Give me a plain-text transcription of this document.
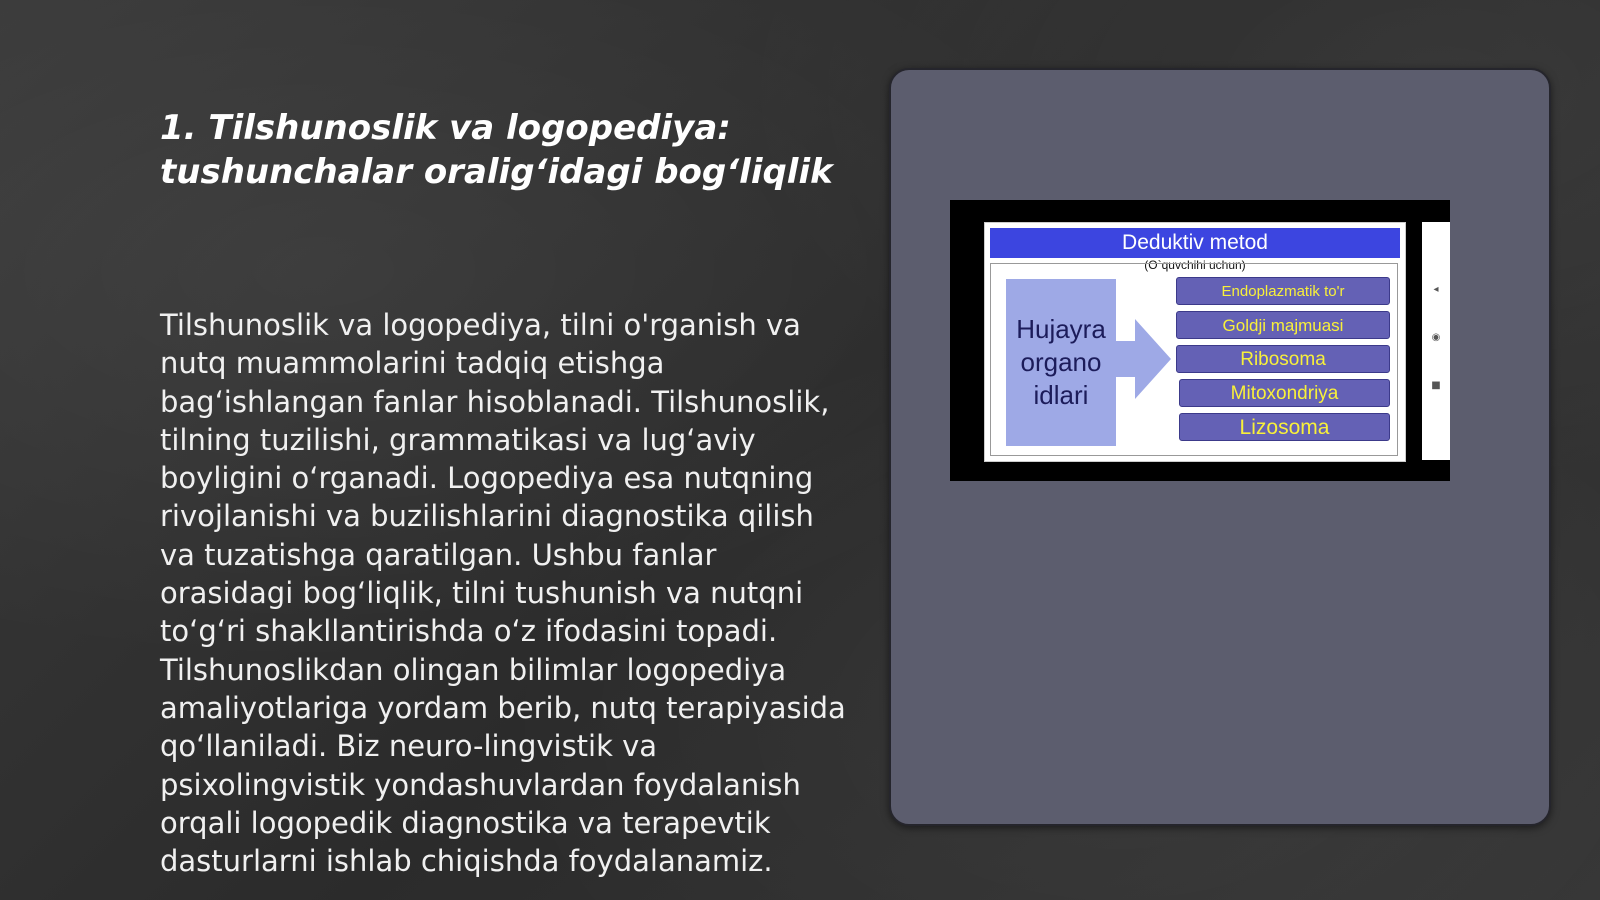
1. Tilshunoslik va logopediya:
tushunchalar oralig‘idagi bog‘liqlik
Tilshunoslik va logopediya, tilni o'rganish va nutq muammolarini tadqiq etishga bag‘ishlangan fanlar hisoblanadi. Tilshunoslik, tilning tuzilishi, grammatikasi va lug‘aviy boyligini o‘rganadi. Logopediya esa nutqning rivojlanishi va buzilishlarini diagnostika qilish va tuzatishga qaratilgan. Ushbu fanlar orasidagi bog‘liqlik, tilni tushunish va nutqni to‘g‘ri shakllantirishda o‘z ifodasini topadi. Tilshunoslikdan olingan bilimlar logopediya amaliyotlariga yordam berib, nutq terapiyasida qo‘llaniladi. Biz neuro-lingvistik va psixolingvistik yondashuvlardan foydalanish orqali logopedik diagnostika va terapevtik dasturlarni ishlab chiqishda foydalanamiz.
Deduktiv metod
(O`quvchihi uchun)
Hujayra
organo
idlari
Endoplazmatik to'r
Goldji majmuasi
Ribosoma
Mitoxondriya
Lizosoma
◂
◉
■
